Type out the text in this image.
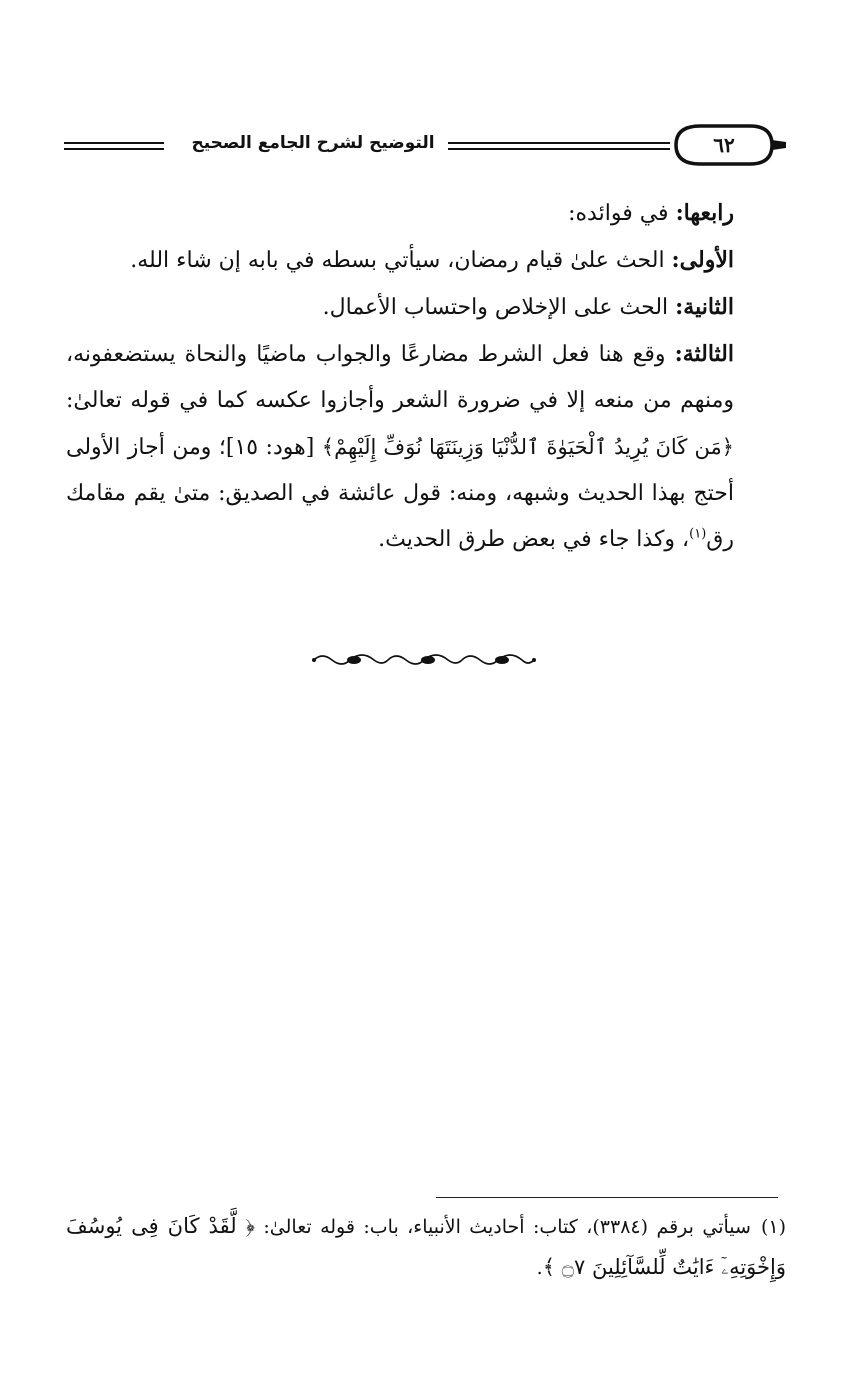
التوضيح لشرح الجامع الصحيح	٦٢

رابعها: في فوائده:

الأولى: الحث علىٰ قيام رمضان، سيأتي بسطه في بابه إن شاء الله.

الثانية: الحث على الإخلاص واحتساب الأعمال.

الثالثة: وقع هنا فعل الشرط مضارعًا والجواب ماضيًا والنحاة يستضعفونه، ومنهم من منعه إلا في ضرورة الشعر وأجازوا عكسه كما في قوله تعالىٰ: ﴿مَن كَانَ يُرِيدُ ٱلْحَيَوٰةَ ٱلدُّنْيَا وَزِينَتَهَا نُوَفِّ إِلَيْهِمْ﴾ [هود: ١٥]؛ ومن أجاز الأولى أحتج بهذا الحديث وشبهه، ومنه: قول عائشة في الصديق: متىٰ يقم مقامك رق$^{(١)}$، وكذا جاء في بعض طرق الحديث.

(١)سيأتي برقم (٣٣٨٤)، كتاب: أحاديث الأنبياء، باب: قوله تعالىٰ: ﴿ لَّقَدْ كَانَ فِى يُوسُفَ وَإِخْوَتِهِۦٓ ءَايَٰتٌ لِّلسَّآئِلِينَ ۝٧ ﴾.
